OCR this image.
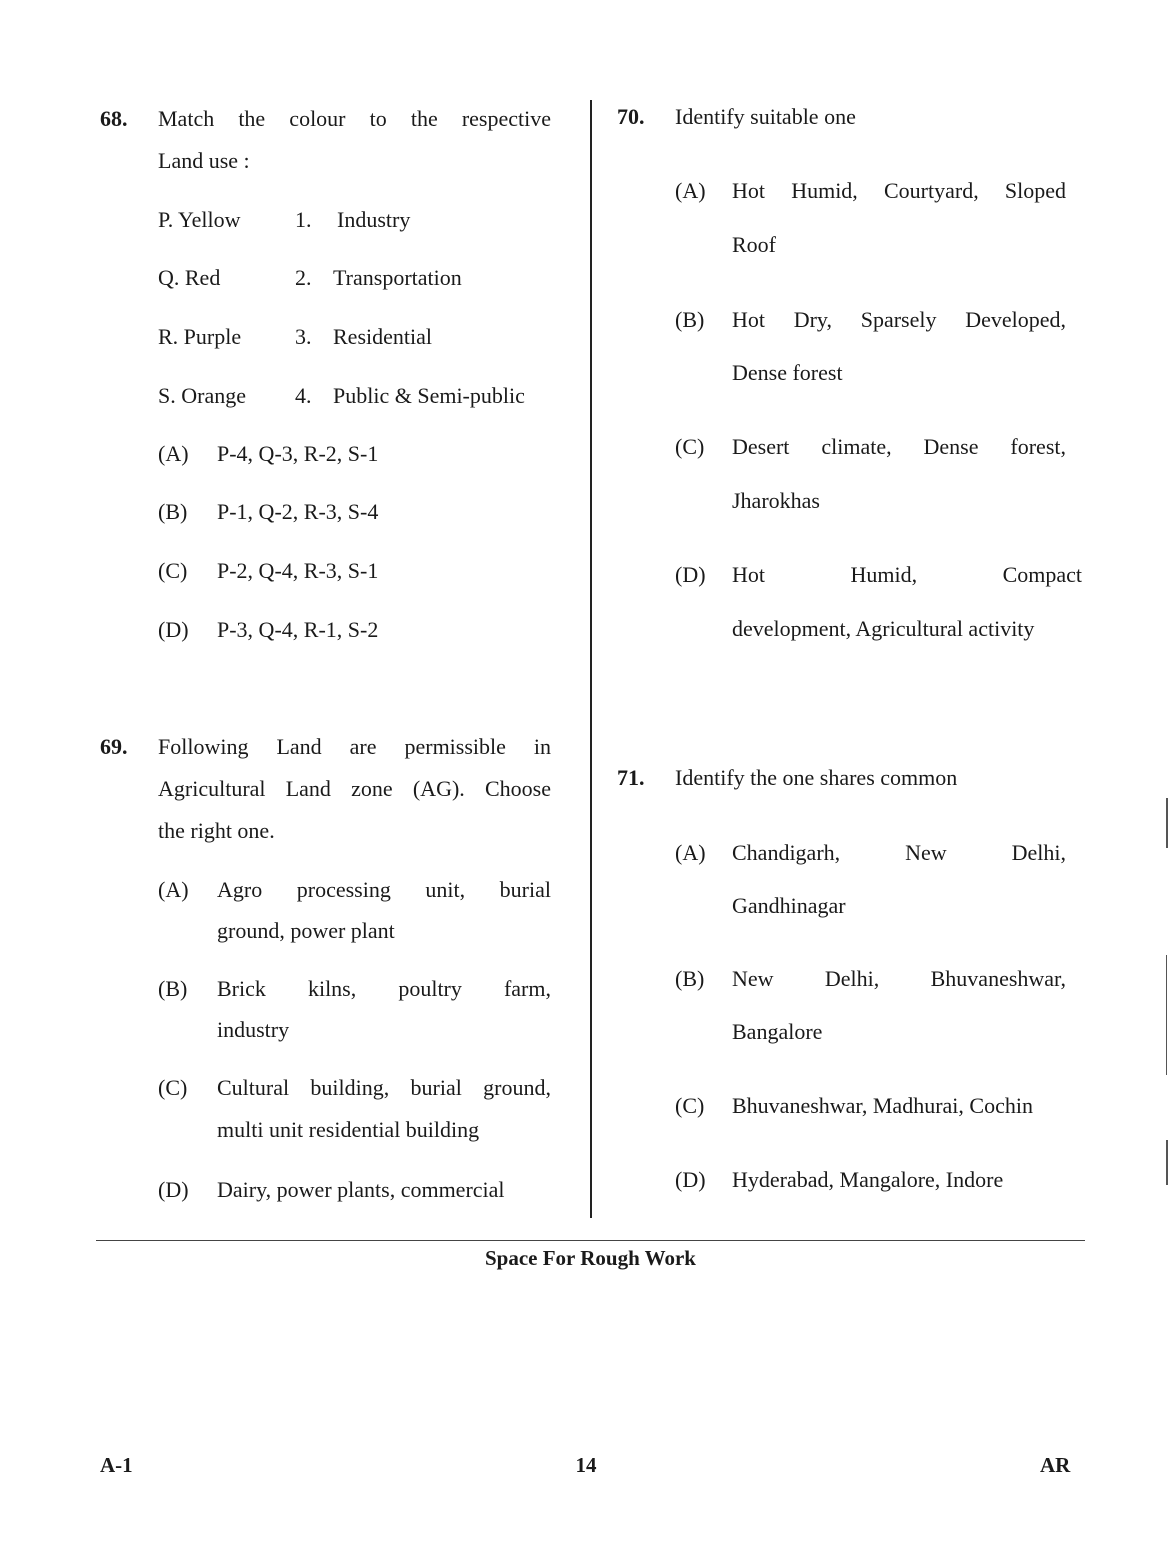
68. Match the colour to the respective
Land use :
P. Yellow 1. Industry
Q. Red	2. Transportation
R. Purple 3. Residential
S. Orange 4. Public & Semi-public
(A) P-4, Q-3, R-2, S-1
(B) P-1, Q-2, R-3, S-4
(C) P-2, Q-4, R-3, S-1
(D) P-3, Q-4, R-1, S-2
69. Following Land are permissible in
Agricultural Land zone (AG). Choose
the right one.
(A) Agro processing unit, burial
ground, power plant
(B) Brick kilns, poultry farm,
industry
(C) Cultural building, burial ground,
multi unit residential building
(D) Dairy, power plants, commercial
70. Identify suitable one
(A) Hot Humid, Courtyard, Sloped
Roof
(B) Hot Dry, Sparsely Developed,
Dense forest
(C) Desert climate, Dense forest,
Jharokhas
(D) Hot Humid, Compact
development, Agricultural activity
71. Identify the one shares common
(A) Chandigarh, New Delhi,
Gandhinagar
(B) New Delhi, Bhuvaneshwar,
Bangalore
(C) Bhuvaneshwar, Madhurai, Cochin
(D) Hyderabad, Mangalore, Indore
Space For Rough Work
A-1	14	AR
